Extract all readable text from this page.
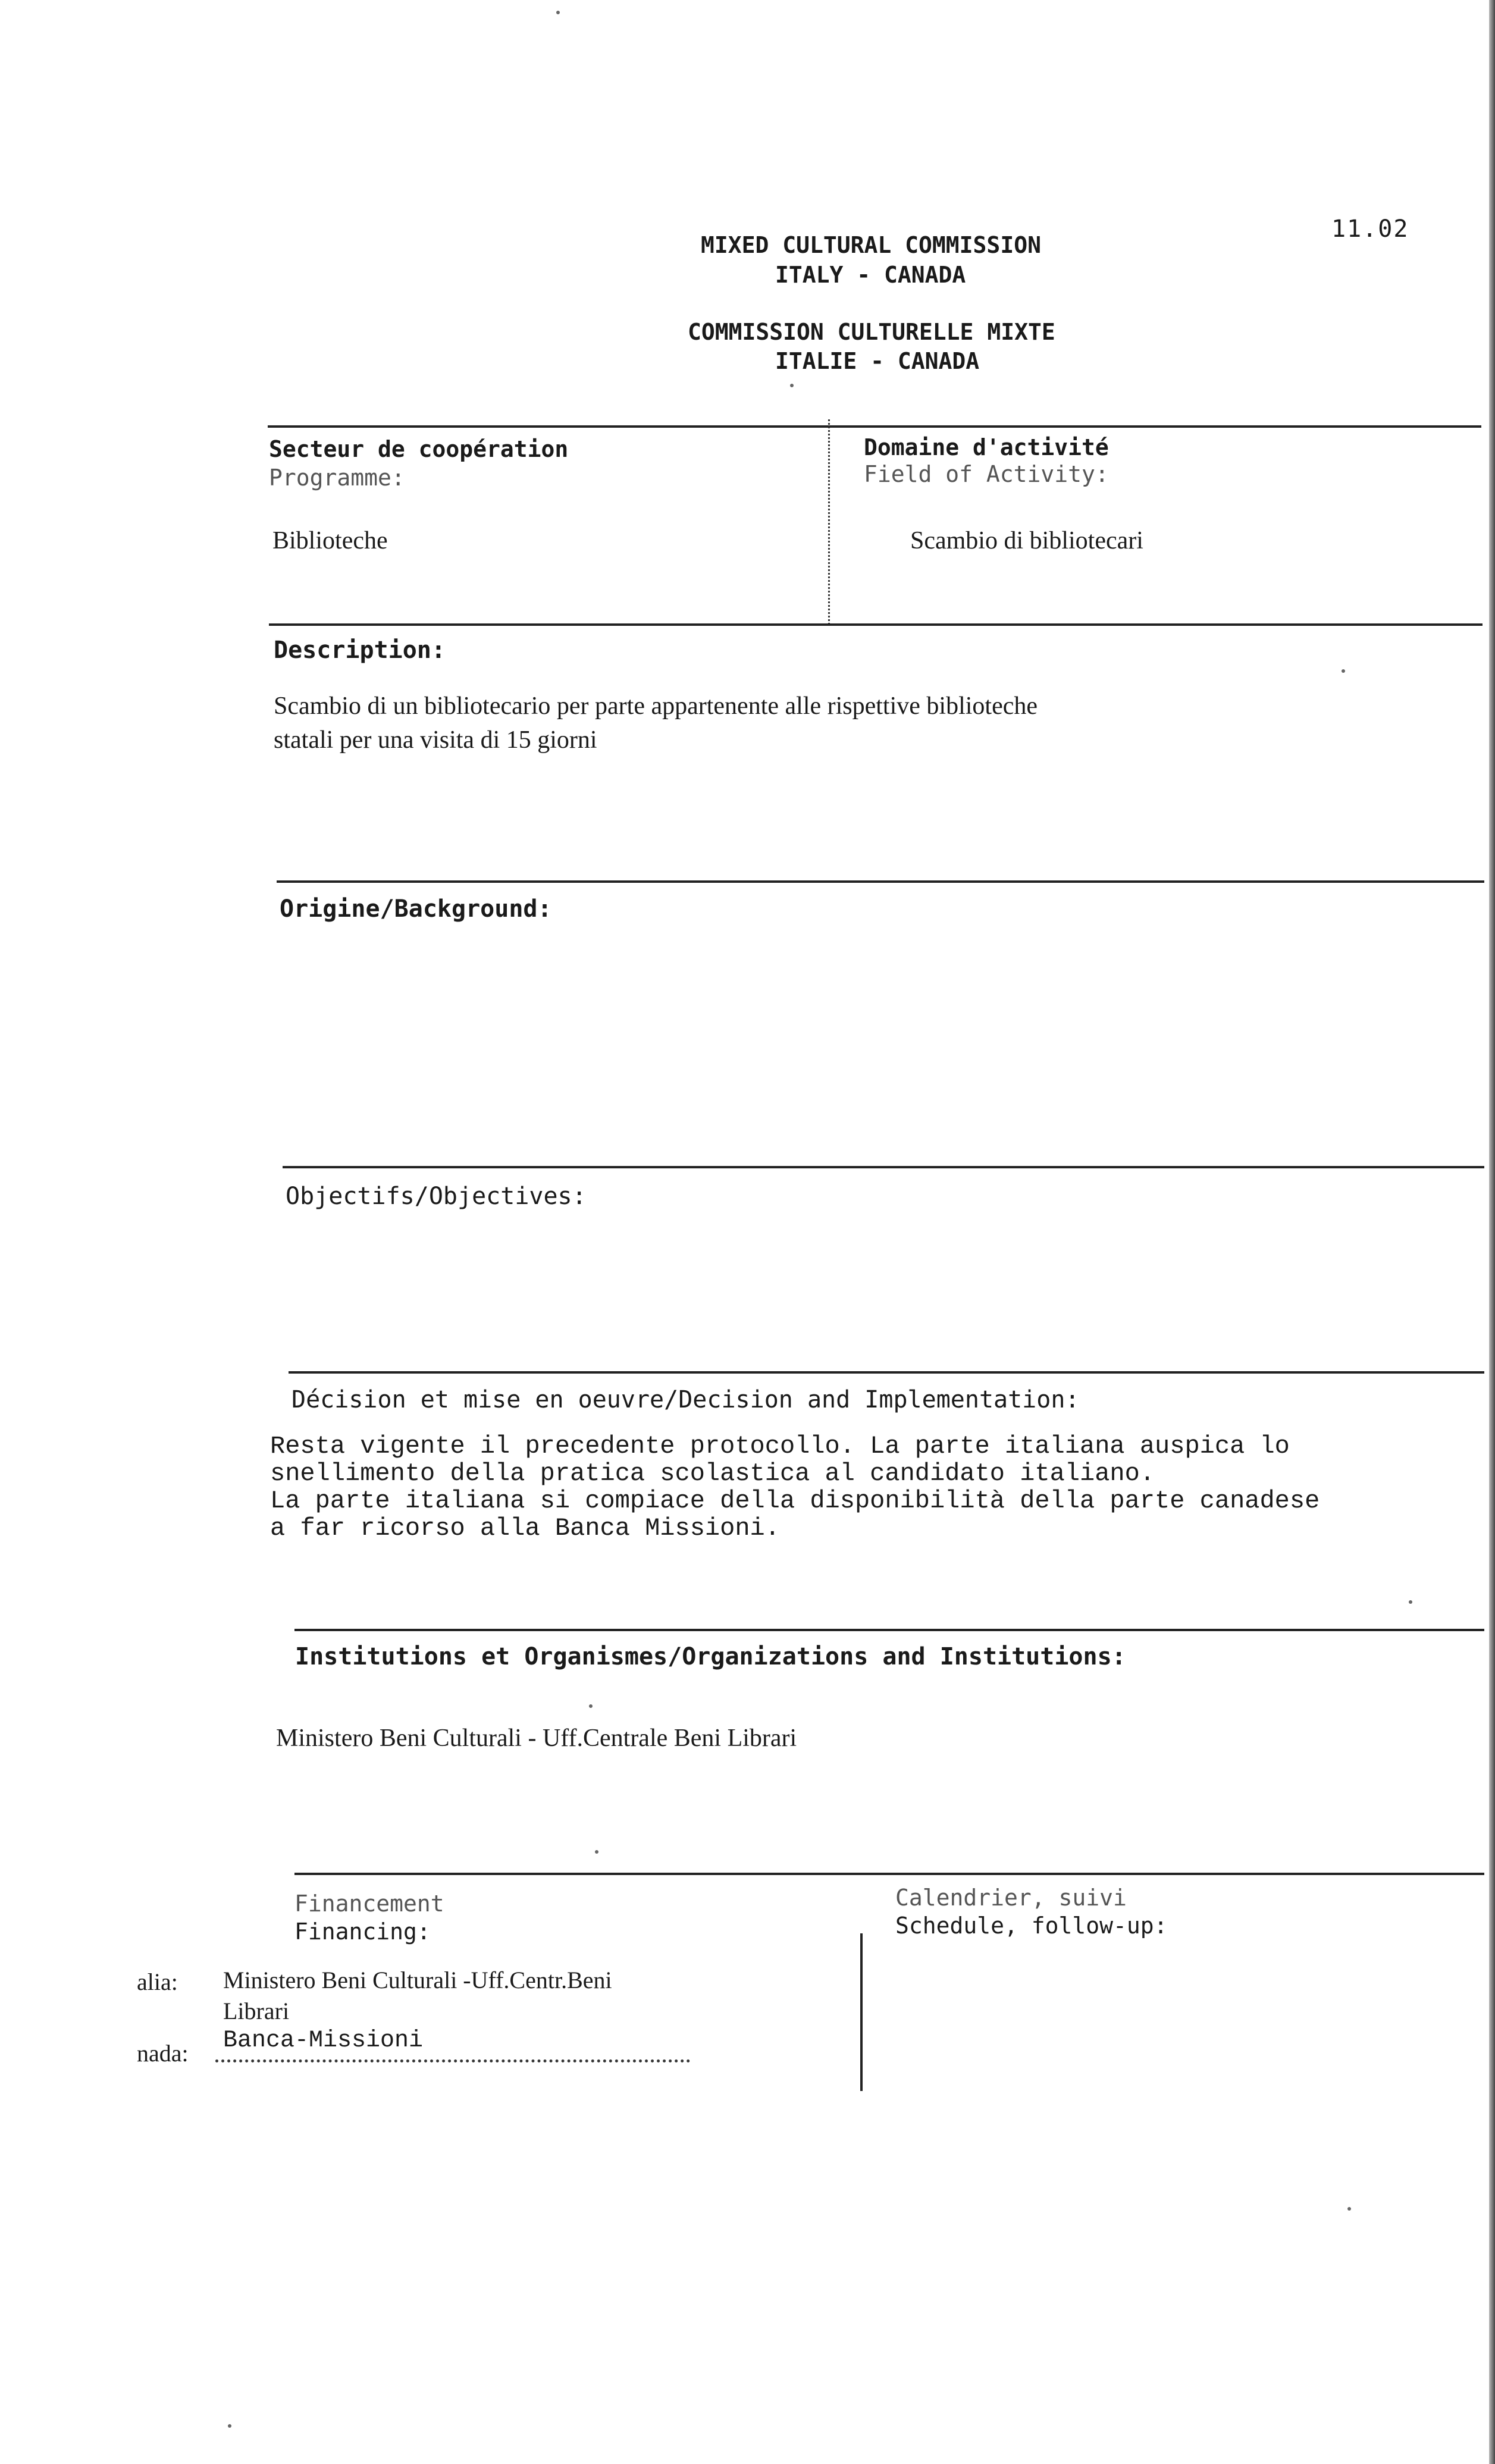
11.02
MIXED CULTURAL COMMISSION
ITALY - CANADA
COMMISSION CULTURELLE MIXTE
ITALIE - CANADA
Secteur de coopération
Programme:
Biblioteche
Domaine d'activité
Field of Activity:
Scambio di bibliotecari
Description:
Scambio di un bibliotecario per parte appartenente alle rispettive biblioteche
statali per una visita di 15 giorni
Origine/Background:
Objectifs/Objectives:
Décision et mise en oeuvre/Decision and Implementation:
Resta vigente il precedente protocollo. La parte italiana auspica lo
snellimento della pratica scolastica al candidato italiano.
La parte italiana si compiace della disponibilità della parte canadese
a far ricorso alla Banca Missioni.
Institutions et Organismes/Organizations and Institutions:
Ministero Beni Culturali - Uff.Centrale Beni Librari
Financement
Financing:
alia: Ministero Beni Culturali -Uff.Centr.Beni
Librari
nada: Banca-Missioni
Calendrier, suivi
Schedule, follow-up:
